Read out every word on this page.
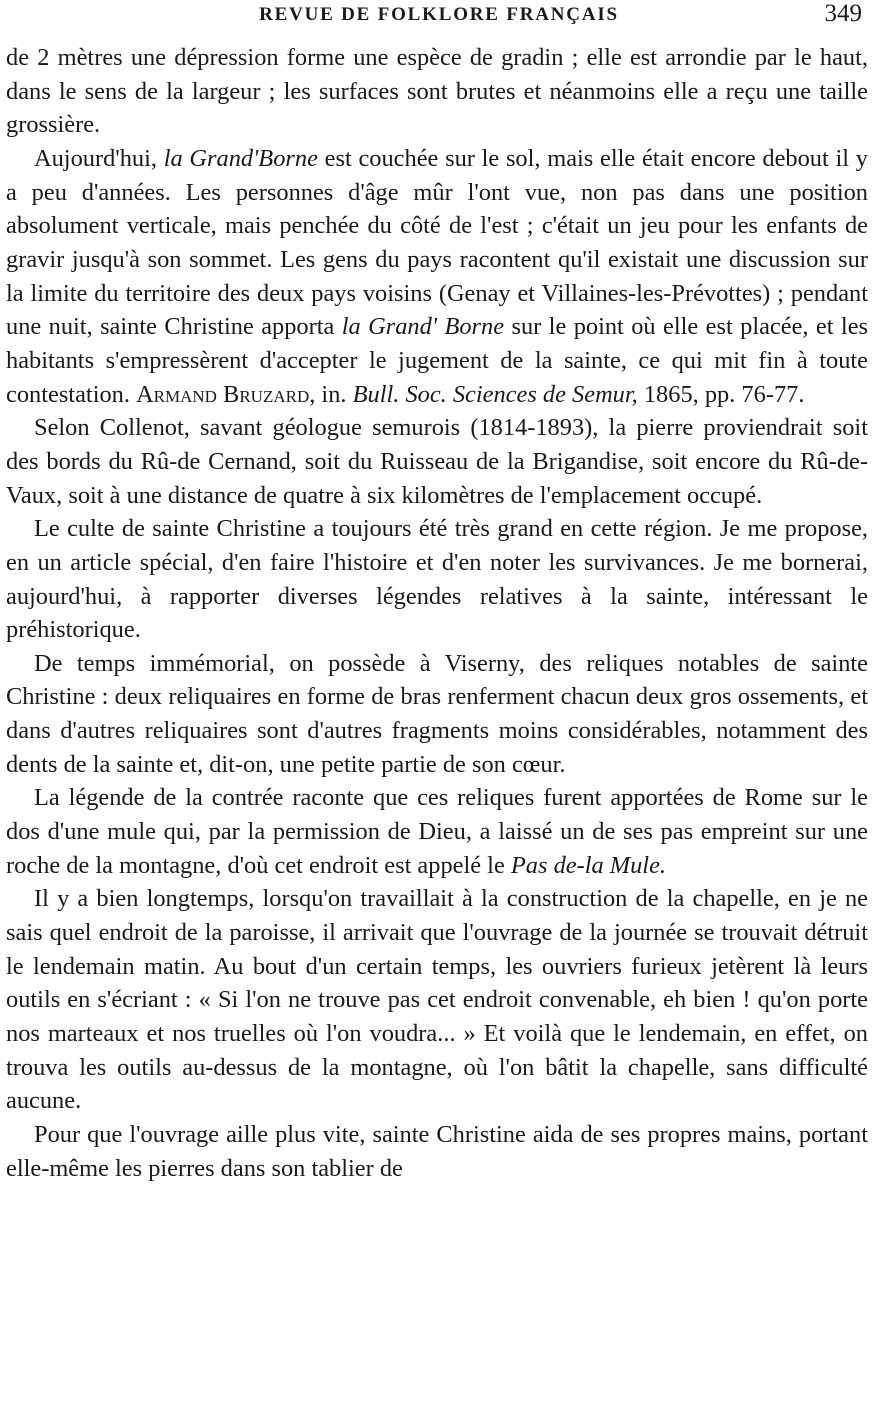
REVUE DE FOLKLORE FRANÇAIS	349

de 2 mètres une dépression forme une espèce de gradin ; elle est arrondie par le haut, dans le sens de la largeur ; les surfaces sont brutes et néanmoins elle a reçu une taille grossière.

Aujourd'hui, la Grand'Borne est couchée sur le sol, mais elle était encore debout il y a peu d'années. Les personnes d'âge mûr l'ont vue, non pas dans une position absolument verticale, mais penchée du côté de l'est ; c'était un jeu pour les enfants de gravir jusqu'à son sommet. Les gens du pays racontent qu'il existait une discussion sur la limite du territoire des deux pays voisins (Genay et Villaines-les-Prévottes) ; pendant une nuit, sainte Christine apporta la Grand' Borne sur le point où elle est placée, et les habitants s'empressèrent d'accepter le jugement de la sainte, ce qui mit fin à toute contestation. Armand Bruzard, in. Bull. Soc. Sciences de Semur, 1865, pp. 76-77.

Selon Collenot, savant géologue semurois (1814-1893), la pierre proviendrait soit des bords du Rû-de Cernand, soit du Ruisseau de la Brigandise, soit encore du Rû-de-Vaux, soit à une distance de quatre à six kilomètres de l'emplacement occupé.

Le culte de sainte Christine a toujours été très grand en cette région. Je me propose, en un article spécial, d'en faire l'histoire et d'en noter les survivances. Je me bornerai, aujourd'hui, à rapporter diverses légendes relatives à la sainte, intéressant le préhistorique.

De temps immémorial, on possède à Viserny, des reliques notables de sainte Christine : deux reliquaires en forme de bras renferment chacun deux gros ossements, et dans d'autres reliquaires sont d'autres fragments moins considérables, notamment des dents de la sainte et, dit-on, une petite partie de son cœur.

La légende de la contrée raconte que ces reliques furent apportées de Rome sur le dos d'une mule qui, par la permission de Dieu, a laissé un de ses pas empreint sur une roche de la montagne, d'où cet endroit est appelé le Pas de-la Mule.

Il y a bien longtemps, lorsqu'on travaillait à la construction de la chapelle, en je ne sais quel endroit de la paroisse, il arrivait que l'ouvrage de la journée se trouvait détruit le lendemain matin. Au bout d'un certain temps, les ouvriers furieux jetèrent là leurs outils en s'écriant : « Si l'on ne trouve pas cet endroit convenable, eh bien ! qu'on porte nos marteaux et nos truelles où l'on voudra... » Et voilà que le lendemain, en effet, on trouva les outils au-dessus de la montagne, où l'on bâtit la chapelle, sans difficulté aucune.

Pour que l'ouvrage aille plus vite, sainte Christine aida de ses propres mains, portant elle-même les pierres dans son tablier de
